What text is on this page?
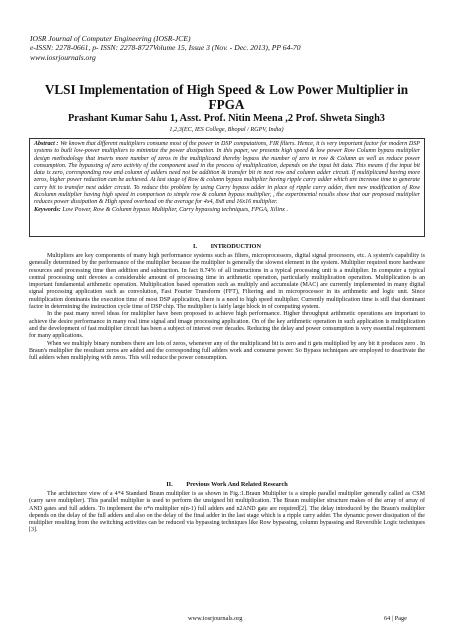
IOSR Journal of Computer Engineering (IOSR-JCE)
e-ISSN: 2278-0661, p- ISSN: 2278-8727Volume 15, Issue 3 (Nov. - Dec. 2013), PP 64-70
www.iosrjournals.org
VLSI Implementation of High Speed & Low Power Multiplier in
FPGA
Prashant Kumar Sahu 1, Asst. Prof. Nitin Meena ,2 Prof. Shweta Singh3
1,2,3(EC, IES College, Bhopal / RGPV, India)
Abstract : We known that different multipliers consume most of the power in DSP computations, FIR filters. Hence, it is very important factor for modern DSP systems to built low-power multipliers to minimize the power dissipation. In this paper, we presents high speed & low power Row Column bypass multiplier design methodology that inserts more number of zeros in the multiplicand thereby bypass the number of zero in row & Column as well as reduce power consumption. The bypassing of zero activity of the component used in the process of multiplication, depends on the input bit data. This means if the input bit data is zero, corresponding row and column of adders need not be addition & transfer bit in next row and column adder circuit. If multiplicand having more zeros, higher power reduction can be achieved. At last stage of Row & column bypass multiplier having ripple carry adder which are increase time to generate carry bit to transfer next adder circuit. To reduce this problem by using Carry bypass adder in place of ripple carry adder, then new modification of Row &column multiplier having high speed in comparison to simple row & column bypass multiplier, , the experimental results show that our proposed multiplier reduces power dissipation & High speed overhead on the average for 4x4, 8x8 and 16x16 multiplier.
Keywords: Low Power, Row & Column bypass Multiplier, Carry bypassing techniques, FPGA, Xilinx .
I. INTRODUCTION

Multipliers are key components of many high performance systems such as filters, microprocessors, digital signal processors, etc. A system's capability is generally determined by the performance of the multiplier because the multiplier is generally the slowest element in the system. Multiplier required more hardware resources and processing time then addition and subtraction. In fact 8.74% of all instructions in a typical processing unit is a multiplier. In computer a typical central processing unit devotes a considerable amount of processing time in arithmetic operation, particularly multiplication operation. Multiplication is an important fundamental arithmetic operation. Multiplication based operation such as multiply and accumulate (MAC) are currently implemented in many digital signal processing application such as convolution, Fast Fourier Transform (FFT), Filtering and in microprocessor in its arithmetic and logic unit. Since multiplication dominants the execution time of most DSP application, there is a need to high speed multiplier. Currently multiplication time is still that dominant factor in determining the instruction cycle time of DSP chip. The multiplier is fairly large block in of computing system.

In the past many novel ideas for multiplier have been proposed to achieve high performance. Higher throughput arithmetic operations are important to achieve the desire performance in many real time signal and image processing application. On of the key arithmetic operation in such application is multiplication and the development of fast multiplier circuit has been a subject of interest over decades. Reducing the delay and power consumption is very essential requirement for many applications.

When we multiply binary numbers there are lots of zeros, whenever any of the multiplicand bit is zero and it gets multiplied by any bit it produces zero . In Braun's multiplier the resultant zeros are added and the corresponding full adders work and consume power. So Bypass techniques are employed to deactivate the full adders when multiplying with zeros. This will reduce the power consumption.

II. Previous Work And Related Research

The architecture view of a 4*4 Standard Braun multiplier is as shown in Fig.:1.Braun Multiplier is a simple parallel multiplier generally called as CSM (carry save multiplier). This parallel multiplier is used to perform the unsigned bit multiplication. The Braun multiplier structure makes of the array of array of AND gates and full adders. To implement the n*n multiplier n(n-1) full adders and n2AND gate are required[2]. The delay introduced by the Braun's multiplier depends on the delay of the full adders and also on the delay of the final adder in the last stage which is a ripple carry adder. The dynamic power dissipation of the multiplier resulting from the switching activities can be reduced via bypassing techniques like Row bypassing, column bypassing and Reversible Logic techniques [3].

www.iosrjournals.org	64 | Page
